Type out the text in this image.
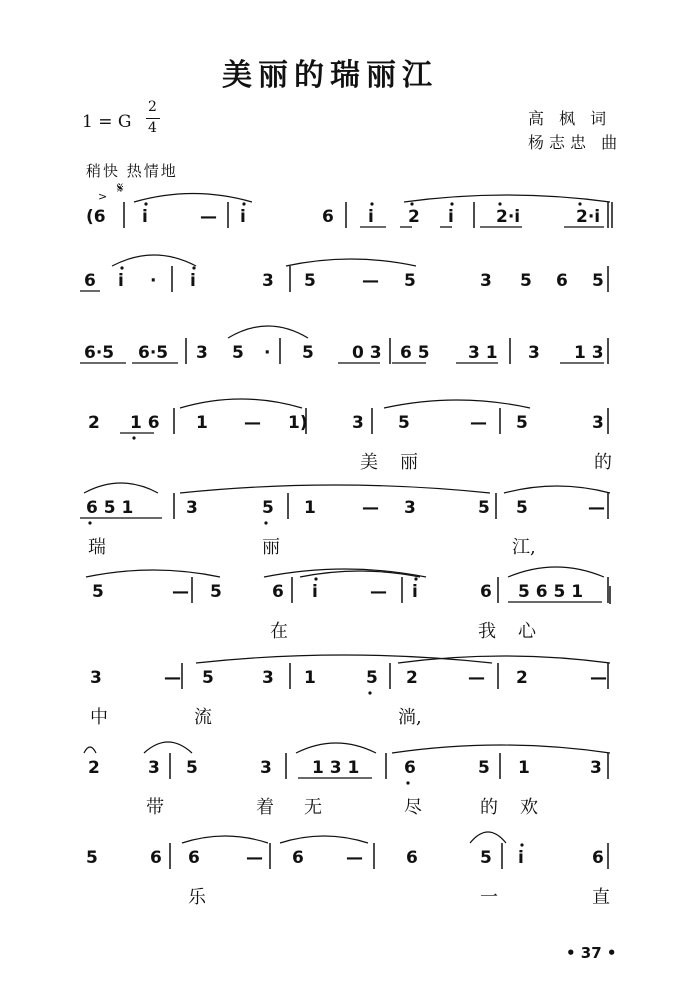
美丽的瑞丽江
1 = G
2
4	高 枫 词
杨志忠 曲
稍快 热情地
(6 i	— i	6 i 2 i 2·i	2·i
6 i · i	3 5	— 5	3 5 6 5
6·5 6·5 3 5 · 5 0 3 6 5 3 1 3 1 3
2 1 6 1 — 1)	3 5	— 5	3
6 5 1	3	5 1	— 3	5 5	—
5	— 5	6 i	— i	6 5 6 5 1
3	— 5	3 1	5 2	— 2	—
2	3 5	3 1 3 1	6	5 1	3
5	6 6	— 6 —	6	5 i	6
美 丽	的
瑞	丽	江,
在	我 心
中	流	淌,
带	着 无	尽	的 欢
乐	一	直
𝄋
>
• 37 •
